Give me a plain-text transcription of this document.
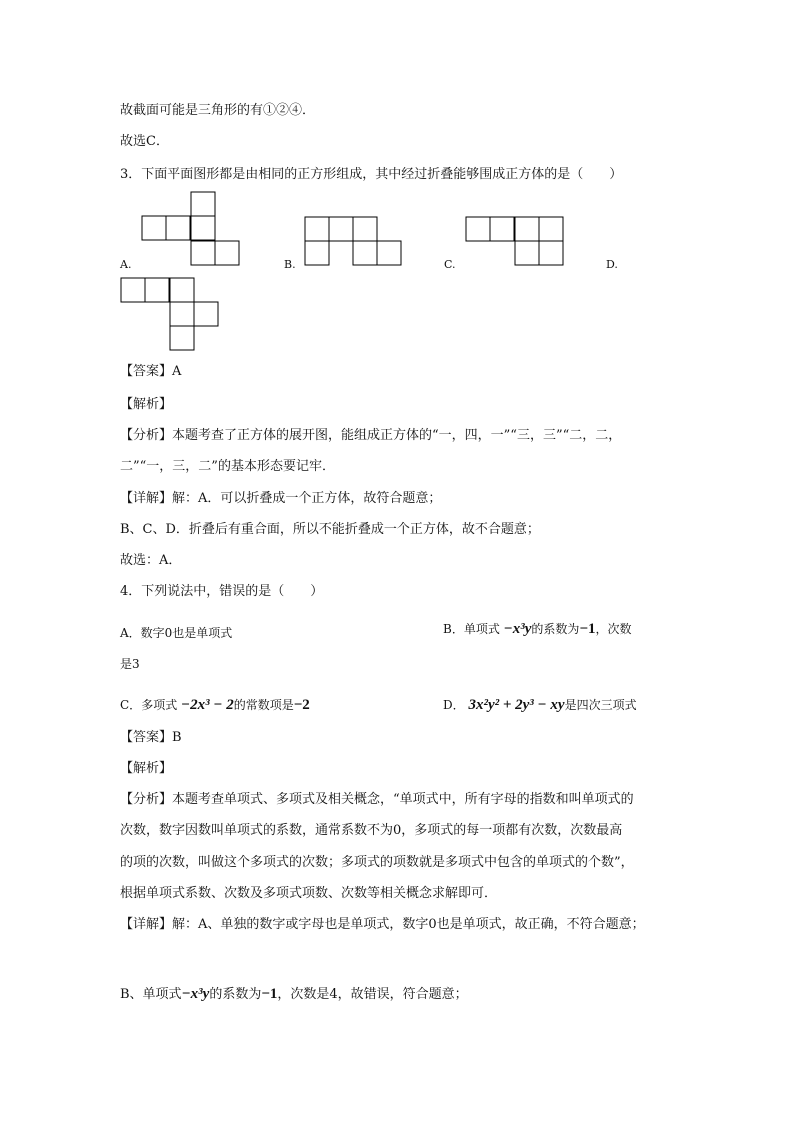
故截面可能是三角形的有①②④．
故选C．
3．下面平面图形都是由相同的正方形组成，其中经过折叠能够围成正方体的是（　　）
A.	B.	C.	D.
【答案】A
【解析】
【分析】本题考查了正方体的展开图，能组成正方体的“一，四，一”“三，三”“二，二，
二”“一，三，二”的基本形态要记牢．
【详解】解：A．可以折叠成一个正方体，故符合题意；
B、C、D．折叠后有重合面，所以不能折叠成一个正方体，故不合题意；
故选：A．
4．下列说法中，错误的是（　　）
A．数字0也是单项式	B．单项式 −x³y的系数为−1，次数
是3
C．多项式 −2x³ − 2的常数项是−2	D． 3x²y² + 2y³ − xy是四次三项式
【答案】B
【解析】
【分析】本题考查单项式、多项式及相关概念，“单项式中，所有字母的指数和叫单项式的
次数，数字因数叫单项式的系数，通常系数不为0，多项式的每一项都有次数，次数最高
的项的次数，叫做这个多项式的次数；多项式的项数就是多项式中包含的单项式的个数”，
根据单项式系数、次数及多项式项数、次数等相关概念求解即可．
【详解】解：A、单独的数字或字母也是单项式，数字0也是单项式，故正确，不符合题意；
B、单项式−x³y的系数为−1，次数是4，故错误，符合题意；
